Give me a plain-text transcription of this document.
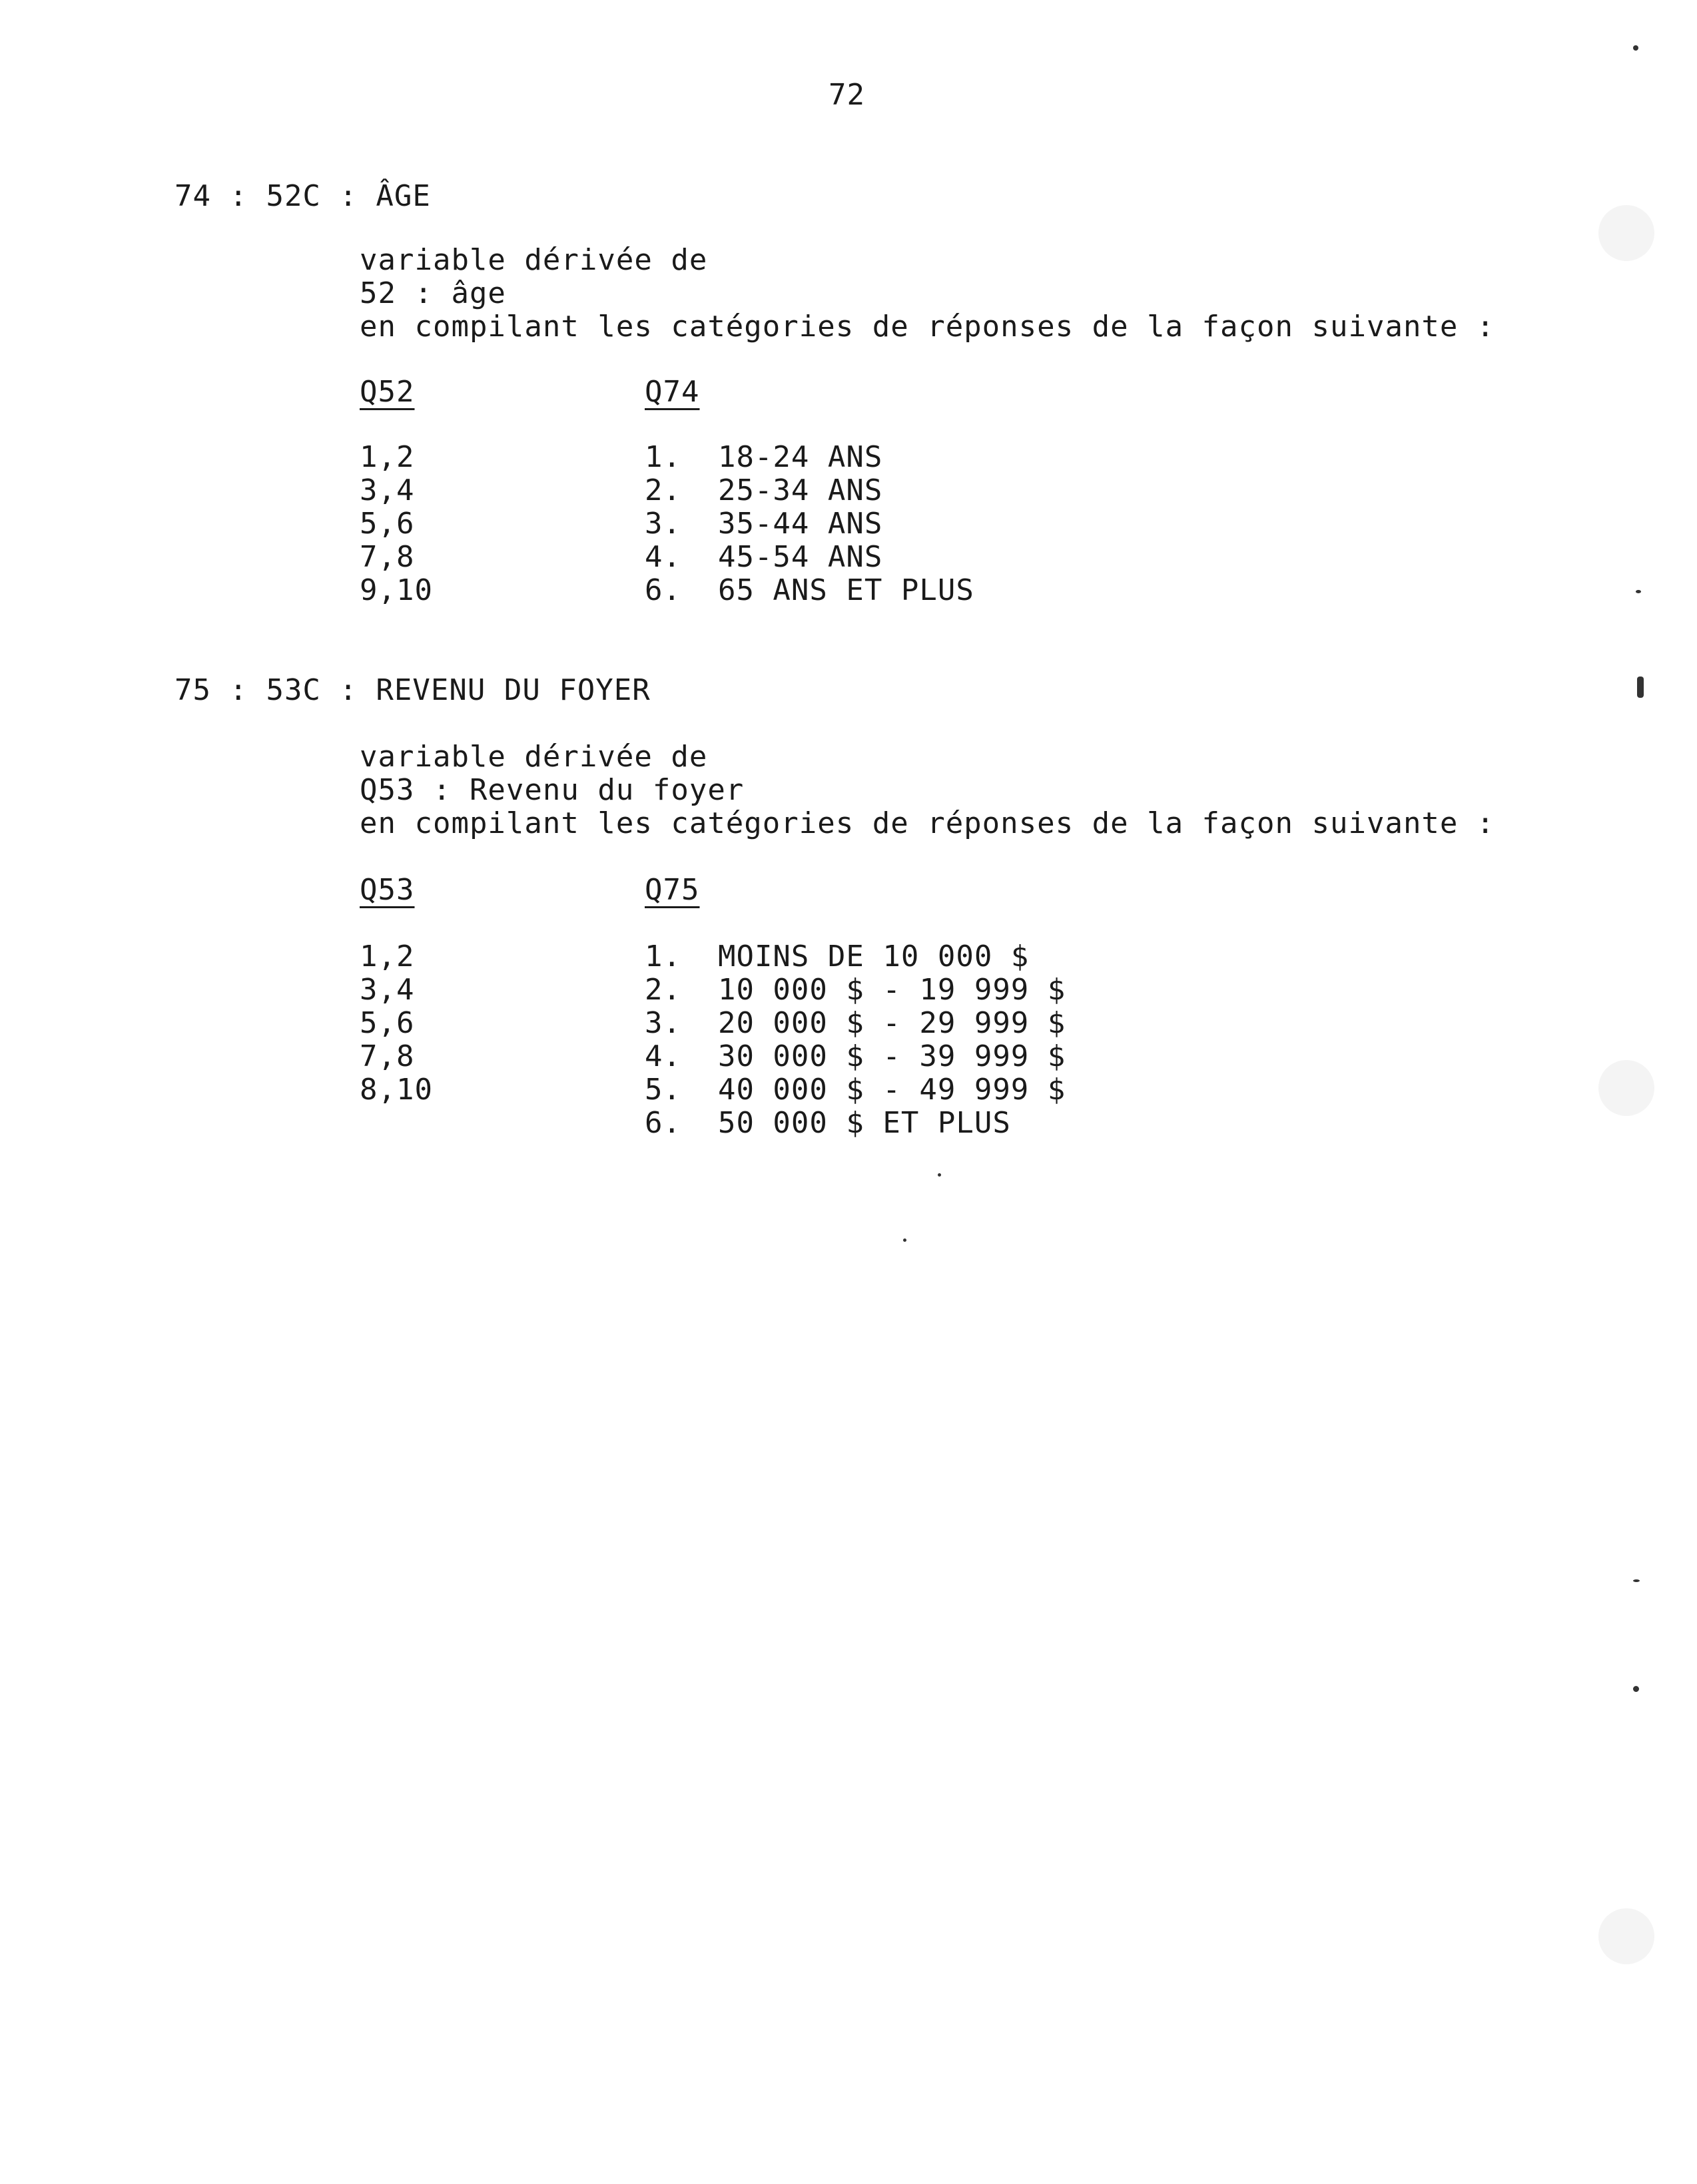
72
74 : 52C : ÂGE
variable dérivée de
52 : âge
en compilant les catégories de réponses de la façon suivante :
Q52	Q74
1,2
3,4
5,6
7,8
9,10
1.  18-24 ANS
2.  25-34 ANS
3.  35-44 ANS
4.  45-54 ANS
6.  65 ANS ET PLUS
75 : 53C : REVENU DU FOYER
variable dérivée de
Q53 : Revenu du foyer
en compilant les catégories de réponses de la façon suivante :
Q53	Q75
1,2
3,4
5,6
7,8
8,10
1.  MOINS DE 10 000 $
2.  10 000 $ - 19 999 $
3.  20 000 $ - 29 999 $
4.  30 000 $ - 39 999 $
5.  40 000 $ - 49 999 $
6.  50 000 $ ET PLUS
